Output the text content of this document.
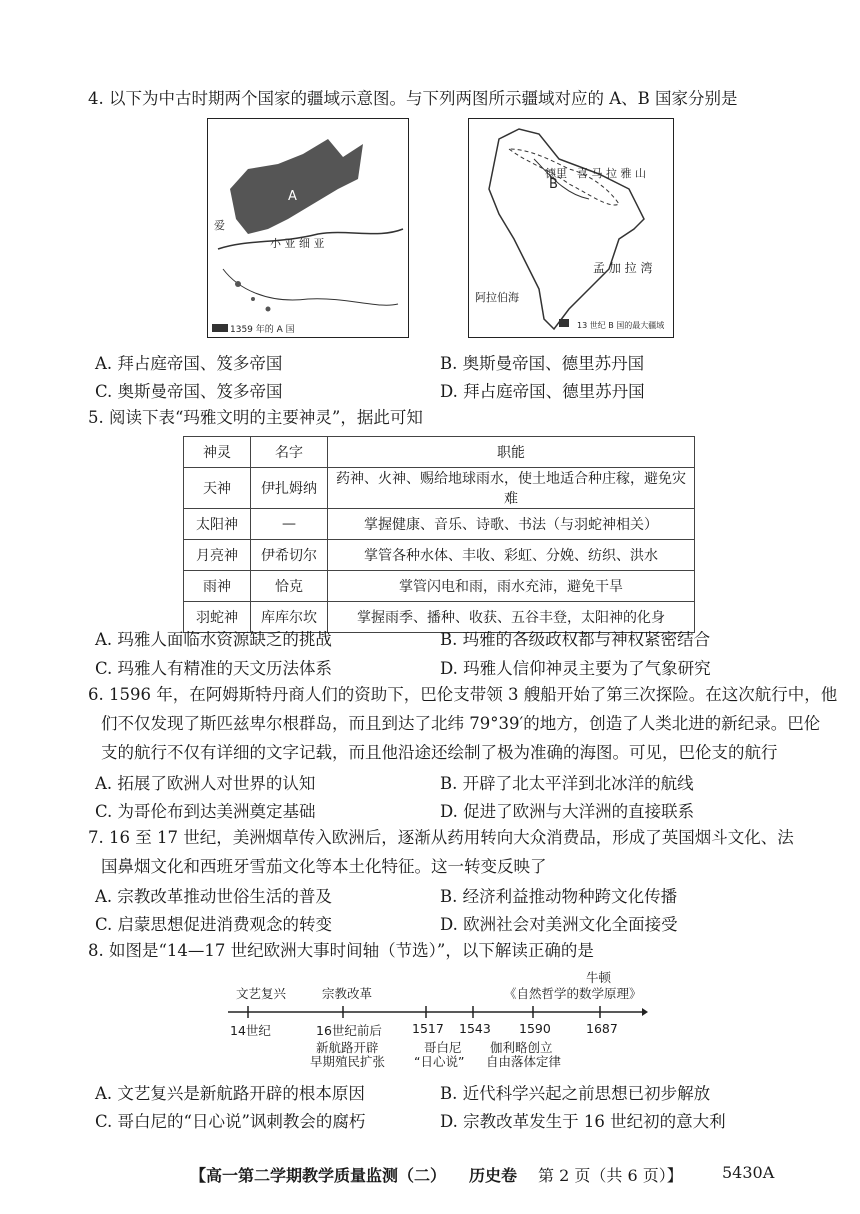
4. 以下为中古时期两个国家的疆域示意图。与下列两图所示疆域对应的 A、B 国家分别是
A
小 亚 细 亚
爱
1359 年的 A 国
B
德里 喜 马 拉 雅 山
孟 加 拉 湾
阿拉伯海
13 世纪 B 国的最大疆域
A. 拜占庭帝国、笈多帝国	B. 奥斯曼帝国、德里苏丹国
C. 奥斯曼帝国、笈多帝国	D. 拜占庭帝国、德里苏丹国
5. 阅读下表“玛雅文明的主要神灵”，据此可知
神灵	名字	职能
天神	伊扎姆纳	药神、火神、赐给地球雨水，使土地适合种庄稼，避免灾难
太阳神	—	掌握健康、音乐、诗歌、书法（与羽蛇神相关）
月亮神	伊希切尔	掌管各种水体、丰收、彩虹、分娩、纺织、洪水
雨神	恰克	掌管闪电和雨，雨水充沛，避免干旱
羽蛇神	库库尔坎	掌握雨季、播种、收获、五谷丰登，太阳神的化身
A. 玛雅人面临水资源缺乏的挑战	B. 玛雅的各级政权都与神权紧密结合
C. 玛雅人有精准的天文历法体系	D. 玛雅人信仰神灵主要为了气象研究
6. 1596 年，在阿姆斯特丹商人们的资助下，巴伦支带领 3 艘船开始了第三次探险。在这次航行中，他
们不仅发现了斯匹兹卑尔根群岛，而且到达了北纬 79°39′的地方，创造了人类北进的新纪录。巴伦
支的航行不仅有详细的文字记载，而且他沿途还绘制了极为准确的海图。可见，巴伦支的航行
A. 拓展了欧洲人对世界的认知	B. 开辟了北太平洋到北冰洋的航线
C. 为哥伦布到达美洲奠定基础	D. 促进了欧洲与大洋洲的直接联系
7. 16 至 17 世纪，美洲烟草传入欧洲后，逐渐从药用转向大众消费品，形成了英国烟斗文化、法
国鼻烟文化和西班牙雪茄文化等本土化特征。这一转变反映了
A. 宗教改革推动世俗生活的普及	B. 经济利益推动物种跨文化传播
C. 启蒙思想促进消费观念的转变	D. 欧洲社会对美洲文化全面接受
8. 如图是“14—17 世纪欧洲大事时间轴（节选）”，以下解读正确的是
文艺复兴	宗教改革
牛顿
《自然哲学的数学原理》
14世纪	16世纪前后 1517 1543 1590	1687
新航路开辟
早期殖民扩张
哥白尼
“日心说”
伽利略创立
自由落体定律
A. 文艺复兴是新航路开辟的根本原因	B. 近代科学兴起之前思想已初步解放
C. 哥白尼的“日心说”讽刺教会的腐朽	D. 宗教改革发生于 16 世纪初的意大利
【高一第二学期教学质量监测（二） 历史卷 第 2 页（共 6 页）】 5430A
